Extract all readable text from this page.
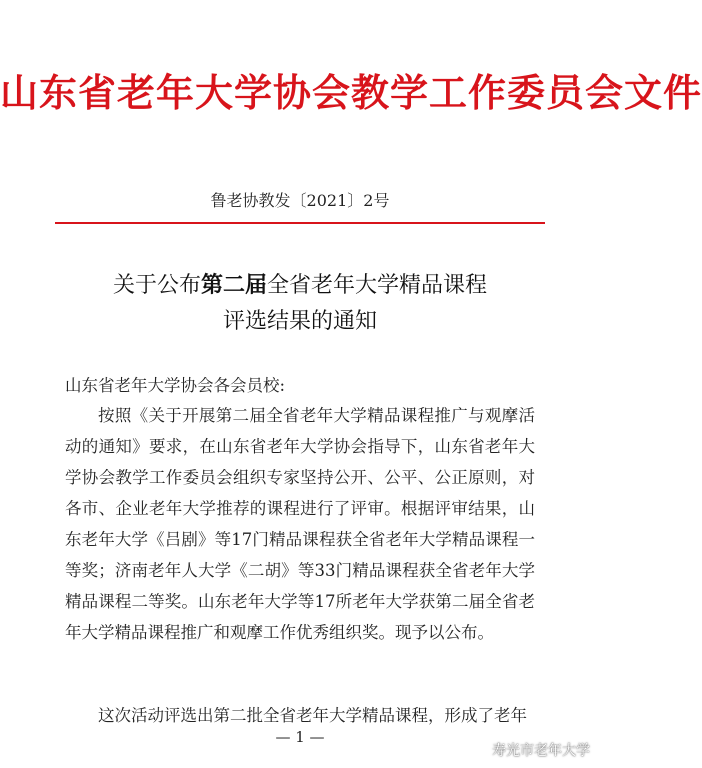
山东省老年大学协会教学工作委员会文件
鲁老协教发〔2021〕2号
关于公布第二届全省老年大学精品课程
评选结果的通知
山东省老年大学协会各会员校:
按照《关于开展第二届全省老年大学精品课程推广与观摩活动的通知》要求，在山东省老年大学协会指导下，山东省老年大学协会教学工作委员会组织专家坚持公开、公平、公正原则，对各市、企业老年大学推荐的课程进行了评审。根据评审结果，山东老年大学《吕剧》等17门精品课程获全省老年大学精品课程一等奖；济南老年人大学《二胡》等33门精品课程获全省老年大学精品课程二等奖。山东老年大学等17所老年大学获第二届全省老年大学精品课程推广和观摩工作优秀组织奖。现予以公布。
这次活动评选出第二批全省老年大学精品课程，形成了老年
— 1 —
寿光市老年大学
